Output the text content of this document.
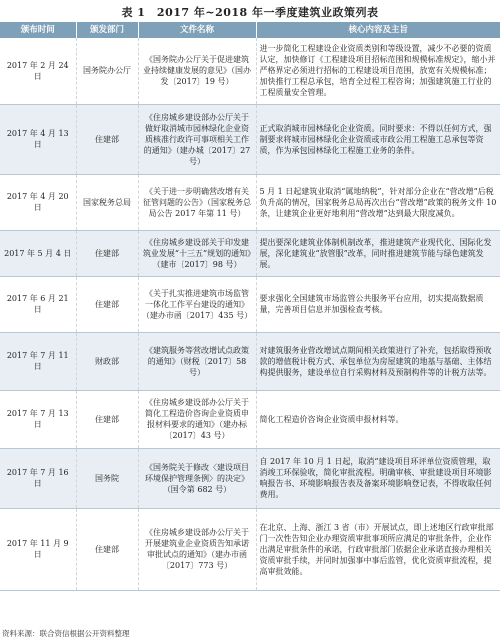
表 1　2017 年~2018 年一季度建筑业政策列表
颁布时间	颁发部门	文件名称	核心内容及主旨
2017 年 2 月 24 日	国务院办公厅	《国务院办公厅关于促进建筑业持续健康发展的意见》（国办发〔2017〕19 号）	进一步简化工程建设企业资质类别和等级设置，减少不必要的资质认定，加快修订《工程建设项目招标范围和规模标准规定》，缩小并严格界定必须进行招标的工程建设项目范围，放宽有关规模标准；加快推行工程总承包，培育全过程工程咨询；加强建筑施工行业的工程质量安全管理。
2017 年 4 月 13 日	住建部	《住房城乡建设部办公厅关于做好取消城市园林绿化企业资质核准行政许可事项相关工作的通知》（建办城〔2017〕27 号）	正式取消城市园林绿化企业资质。同时要求：不得以任何方式，强制要求将城市园林绿化企业资质或市政公用工程施工总承包等资质，作为承包园林绿化工程施工业务的条件。
2017 年 4 月 20 日	国家税务总局	《关于进一步明确营改增有关征管问题的公告》（国家税务总局公告 2017 年第 11 号）	5 月 1 日起建筑业取消“属地纳税”，针对部分企业在“营改增”后税负升高的情况，国家税务总局再次出台“营改增”政策的税务文件 10 条，让建筑企业更好地利用“营改增”达到最大限度减负。
2017 年 5 月 4 日	住建部	《住房城乡建设部关于印发建筑业发展“十三五”规划的通知》（建市〔2017〕98 号）	提出要深化建筑业体制机制改革，推进建筑产业现代化、国际化发展，深化建筑业“放管服”改革，同时推进建筑节能与绿色建筑发展。
2017 年 6 月 21 日	住建部	《关于扎实推进建筑市场监管一体化工作平台建设的通知》（建办市函〔2017〕435 号）	要求强化全国建筑市场监管公共服务平台应用，切实提高数据质量，完善项目信息并加强检查考核。
2017 年 7 月 11 日	财政部	《建筑服务等营改增试点政策的通知》（财税〔2017〕58 号）	对建筑服务业营改增试点期间相关政策进行了补充，包括取得预收款的增值税计税方式、承包单位为房屋建筑的地基与基础、主体结构提供服务，建设单位自行采购材料及预制构件等的计税方法等。
2017 年 7 月 13 日	住建部	《住房城乡建设部办公厅关于简化工程造价咨询企业资质申报材料要求的通知》（建办标〔2017〕43 号）	简化工程造价咨询企业资质申报材料等。
2017 年 7 月 16 日	国务院	《国务院关于修改〈建设项目环境保护管理条例〉的决定》（国令第 682 号）	自 2017 年 10 月 1 日起，取消“建设项目环评单位资质管理，取消竣工环保验收，简化审批流程。明确审核、审批建设项目环境影响报告书、环境影响报告表及备案环境影响登记表，不得收取任何费用。
2017 年 11 月 9 日	住建部	《住房城乡建设部办公厅关于开展建筑业企业资质告知承诺审批试点的通知》（建办市函〔2017〕773 号）	在北京、上海、浙江 3 省（市）开展试点，即上述地区行政审批部门一次性告知企业办理资质审批事项所应满足的审批条件，企业作出满足审批条件的承诺，行政审批部门依据企业承诺直接办理相关资质审批手续，并同时加强事中事后监管，优化资质审批流程，提高审批效能。
资料来源：联合资信根据公开资料整理
